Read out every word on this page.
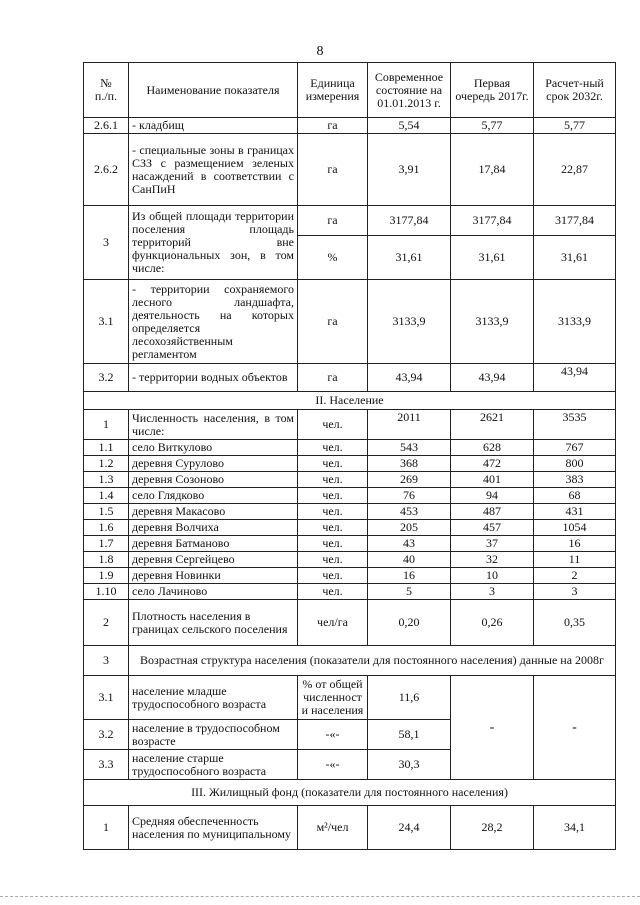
8
№
п./п.	Наименование показателя	Единица измерения	Современное состояние на 01.01.2013 г.	Первая очередь 2017г.	Расчет-ный срок 2032г.
2.6.1	- кладбищ	га	5,54	5,77	5,77
2.6.2	- специальные зоны в границах СЗЗ с размещением зеленых насаждений в соответствии с СанПиН	га	3,91	17,84	22,87
3	Из общей площади территории поселения площадь территорий вне функциональных зон, в том числе:	га	3177,84	3177,84	3177,84
		%	31,61	31,61	31,61
3.1	- территории сохраняемого лесного ландшафта, деятельность на которых определяется лесохозяйственным регламентом	га	3133,9	3133,9	3133,9
3.2	- территории водных объектов	га	43,94	43,94	43,94
II. Население					
1	Численность населения, в том числе:	чел.	2011	2621	3535
1.1	село Виткулово	чел.	543	628	767
1.2	деревня Сурулово	чел.	368	472	800
1.3	деревня Созоново	чел.	269	401	383
1.4	село Глядково	чел.	76	94	68
1.5	деревня Макасово	чел.	453	487	431
1.6	деревня Волчиха	чел.	205	457	1054
1.7	деревня Батманово	чел.	43	37	16
1.8	деревня Сергейцево	чел.	40	32	11
1.9	деревня Новинки	чел.	16	10	2
1.10	село Лачиново	чел.	5	3	3
2	Плотность населения в границах сельского поселения	чел/га	0,20	0,26	0,35
3	Возрастная структура населения (показатели для постоянного населения) данные на 2008г				
3.1	население младше трудоспособного возраста	% от общей численност и населения	11,6	-	-
3.2	население в трудоспособном возрасте	-«-	58,1		
3.3	население старше трудоспособного возраста	-«-	30,3		
III. Жилищный фонд (показатели для постоянного населения)					
1	Средняя обеспеченность населения по муниципальному	м²/чел	24,4	28,2	34,1
